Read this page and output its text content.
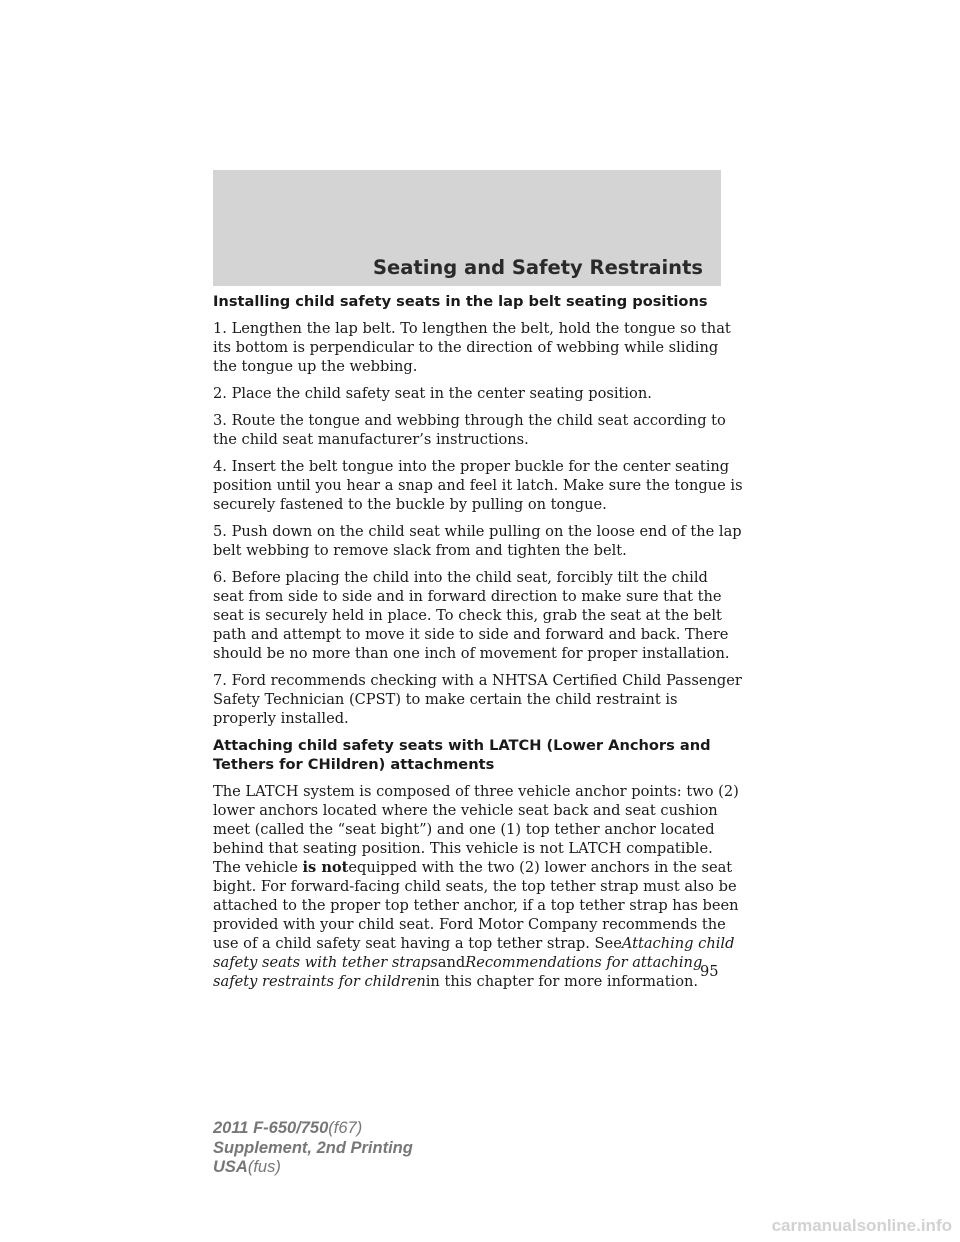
Seating and Safety Restraints
Installing child safety seats in the lap belt seating positions

1. Lengthen the lap belt. To lengthen the belt, hold the tongue so that its bottom is perpendicular to the direction of webbing while sliding the tongue up the webbing.

2. Place the child safety seat in the center seating position.

3. Route the tongue and webbing through the child seat according to the child seat manufacturer’s instructions.

4. Insert the belt tongue into the proper buckle for the center seating position until you hear a snap and feel it latch. Make sure the tongue is securely fastened to the buckle by pulling on tongue.

5. Push down on the child seat while pulling on the loose end of the lap belt webbing to remove slack from and tighten the belt.

6. Before placing the child into the child seat, forcibly tilt the child seat from side to side and in forward direction to make sure that the seat is securely held in place. To check this, grab the seat at the belt path and attempt to move it side to side and forward and back. There should be no more than one inch of movement for proper installation.

7. Ford recommends checking with a NHTSA Certified Child Passenger Safety Technician (CPST) to make certain the child restraint is properly installed.

Attaching child safety seats with LATCH (Lower Anchors and Tethers for CHildren) attachments

The LATCH system is composed of three vehicle anchor points: two (2) lower anchors located where the vehicle seat back and seat cushion meet (called the “seat bight”) and one (1) top tether anchor located behind that seating position. This vehicle is not LATCH compatible. The vehicle is notequipped with the two (2) lower anchors in the seat bight. For forward-facing child seats, the top tether strap must also be attached to the proper top tether anchor, if a top tether strap has been provided with your child seat. Ford Motor Company recommends the use of a child safety seat having a top tether strap. SeeAttaching child safety seats with tether strapsandRecommendations for attaching safety restraints for childrenin this chapter for more information.

95

2011 F-650/750(f67)
Supplement, 2nd Printing
USA(fus)

carmanualsonline.info
